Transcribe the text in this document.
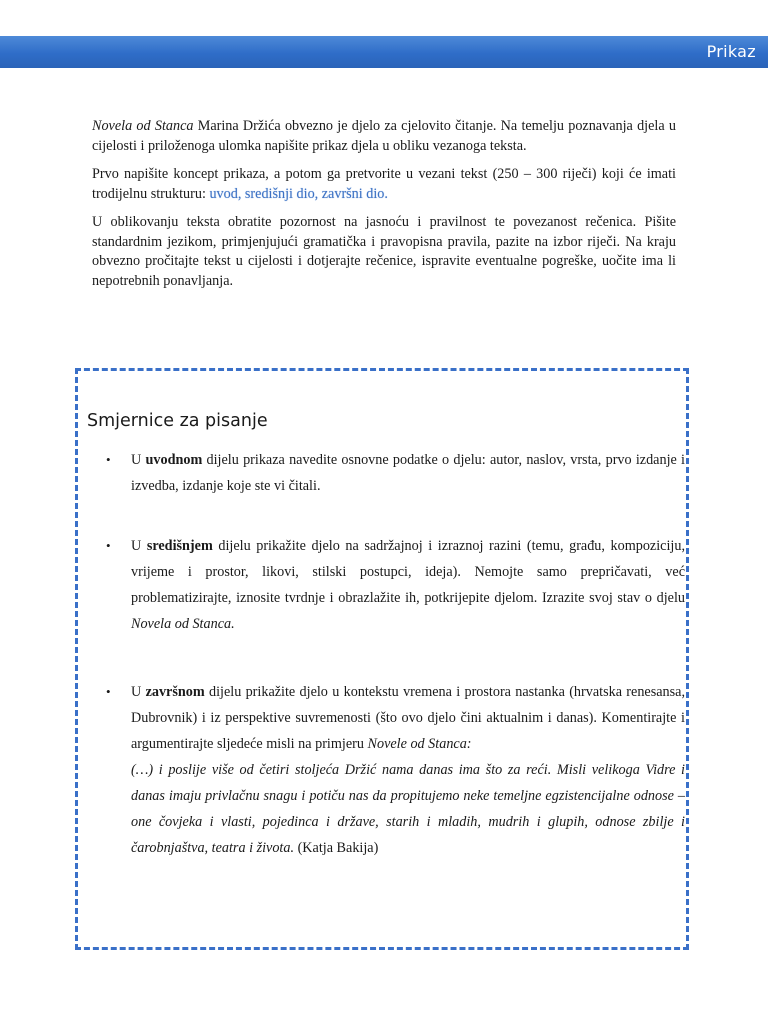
Prikaz

Novela od Stanca Marina Držića obvezno je djelo za cjelovito čitanje. Na temelju poznavanja djela u cijelosti i priloženoga ulomka napišite prikaz djela u obliku vezanoga teksta.

Prvo napišite koncept prikaza, a potom ga pretvorite u vezani tekst (250 – 300 riječi) koji će imati trodijelnu strukturu: uvod, središnji dio, završni dio.

U oblikovanju teksta obratite pozornost na jasnoću i pravilnost te povezanost rečenica. Pišite standardnim jezikom, primjenjujući gramatička i pravopisna pravila, pazite na izbor riječi. Na kraju obvezno pročitajte tekst u cijelosti i dotjerajte rečenice, ispravite eventualne pogreške, uočite ima li nepotrebnih ponavljanja.

Smjernice za pisanje
• U uvodnom dijelu prikaza navedite osnovne podatke o djelu: autor, naslov, vrsta, prvo izdanje i izvedba, izdanje koje ste vi čitali.
• U središnjem dijelu prikažite djelo na sadržajnoj i izraznoj razini (temu, građu, kompoziciju, vrijeme i prostor, likovi, stilski postupci, ideja). Nemojte samo prepričavati, već problematizirajte, iznosite tvrdnje i obrazlažite ih, potkrijepite djelom. Izrazite svoj stav o djelu Novela od Stanca.
• U završnom dijelu prikažite djelo u kontekstu vremena i prostora nastanka (hrvatska renesansa, Dubrovnik) i iz perspektive suvremenosti (što ovo djelo čini aktualnim i danas). Komentirajte i argumentirajte sljedeće misli na primjeru Novele od Stanca:
(…) i poslije više od četiri stoljeća Držić nama danas ima što za reći. Misli velikoga Vidre i danas imaju privlačnu snagu i potiču nas da propitujemo neke temeljne egzistencijalne odnose – one čovjeka i vlasti, pojedinca i države, starih i mladih, mudrih i glupih, odnose zbilje i čarobnjaštva, teatra i života. (Katja Bakija)
